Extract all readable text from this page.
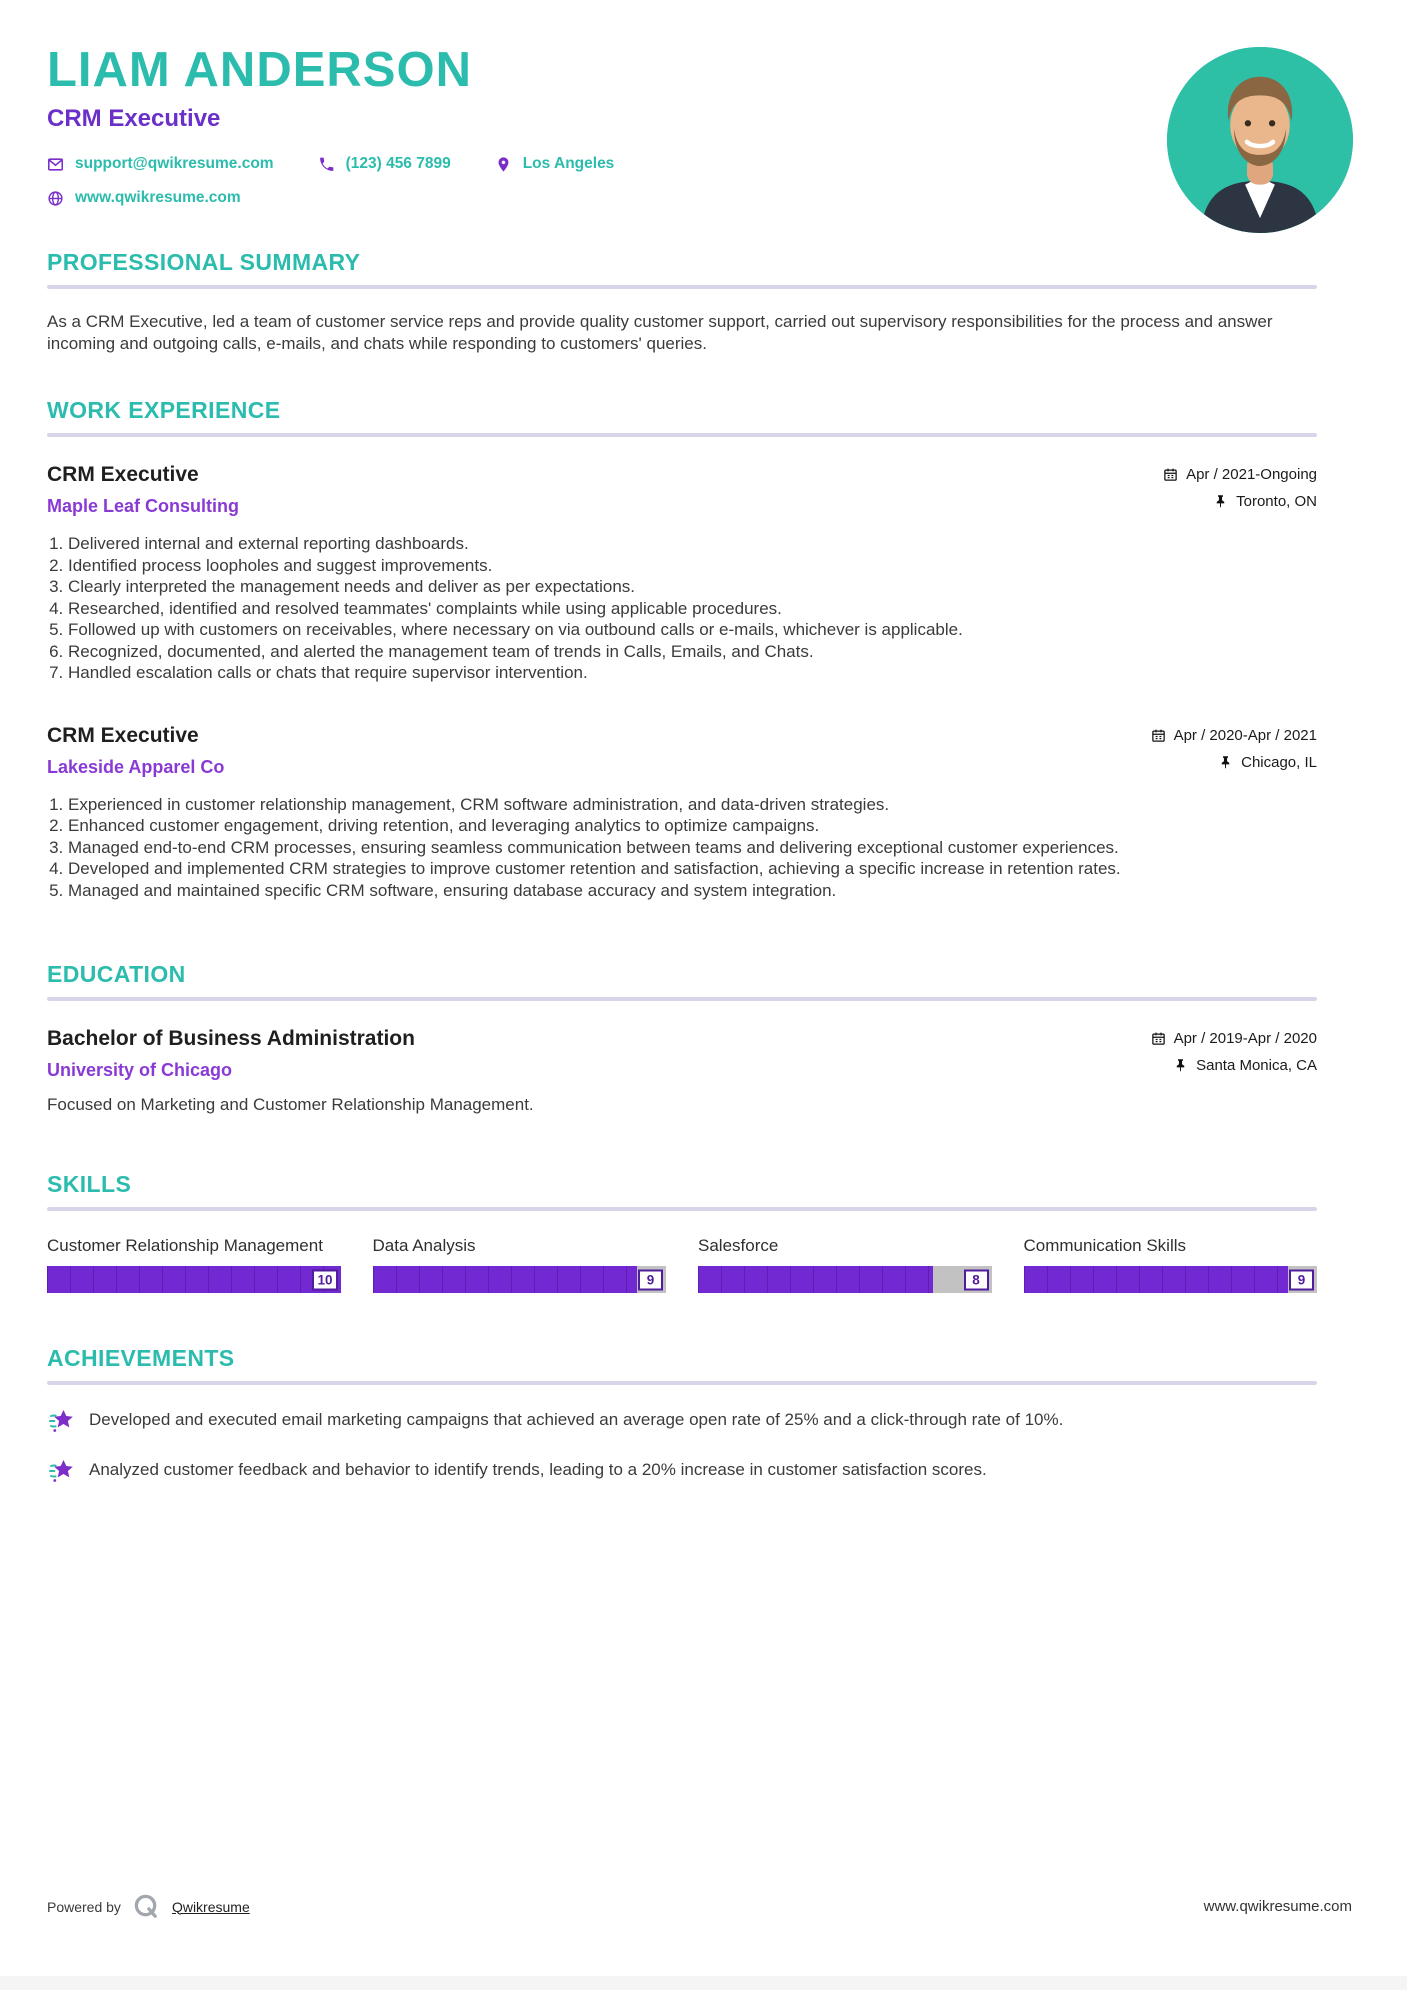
LIAM ANDERSON
CRM Executive
support@qwikresume.com	(123) 456 7899	Los Angeles
www.qwikresume.com
PROFESSIONAL SUMMARY

As a CRM Executive, led a team of customer service reps and provide quality customer support, carried out supervisory responsibilities for the process and answer incoming and outgoing calls, e-mails, and chats while responding to customers' queries.

WORK EXPERIENCE
CRM Executive
Maple Leaf Consulting
Apr / 2021-Ongoing
Toronto, ON
1. Delivered internal and external reporting dashboards.
2. Identified process loopholes and suggest improvements.
3. Clearly interpreted the management needs and deliver as per expectations.
4. Researched, identified and resolved teammates' complaints while using applicable procedures.
5. Followed up with customers on receivables, where necessary on via outbound calls or e-mails, whichever is applicable.
6. Recognized, documented, and alerted the management team of trends in Calls, Emails, and Chats.
7. Handled escalation calls or chats that require supervisor intervention.
CRM Executive
Lakeside Apparel Co
Apr / 2020-Apr / 2021
Chicago, IL
1. Experienced in customer relationship management, CRM software administration, and data-driven strategies.
2. Enhanced customer engagement, driving retention, and leveraging analytics to optimize campaigns.
3. Managed end-to-end CRM processes, ensuring seamless communication between teams and delivering exceptional customer experiences.
4. Developed and implemented CRM strategies to improve customer retention and satisfaction, achieving a specific increase in retention rates.
5. Managed and maintained specific CRM software, ensuring database accuracy and system integration.
EDUCATION
Bachelor of Business Administration
University of Chicago
Focused on Marketing and Customer Relationship Management.
Apr / 2019-Apr / 2020
Santa Monica, CA
SKILLS
Customer Relationship Management
10
Data Analysis
9
Salesforce
8
Communication Skills
9
ACHIEVEMENTS
Developed and executed email marketing campaigns that achieved an average open rate of 25% and a click-through rate of 10%.
Analyzed customer feedback and behavior to identify trends, leading to a 20% increase in customer satisfaction scores.
Powered by	Qwikresume	www.qwikresume.com
